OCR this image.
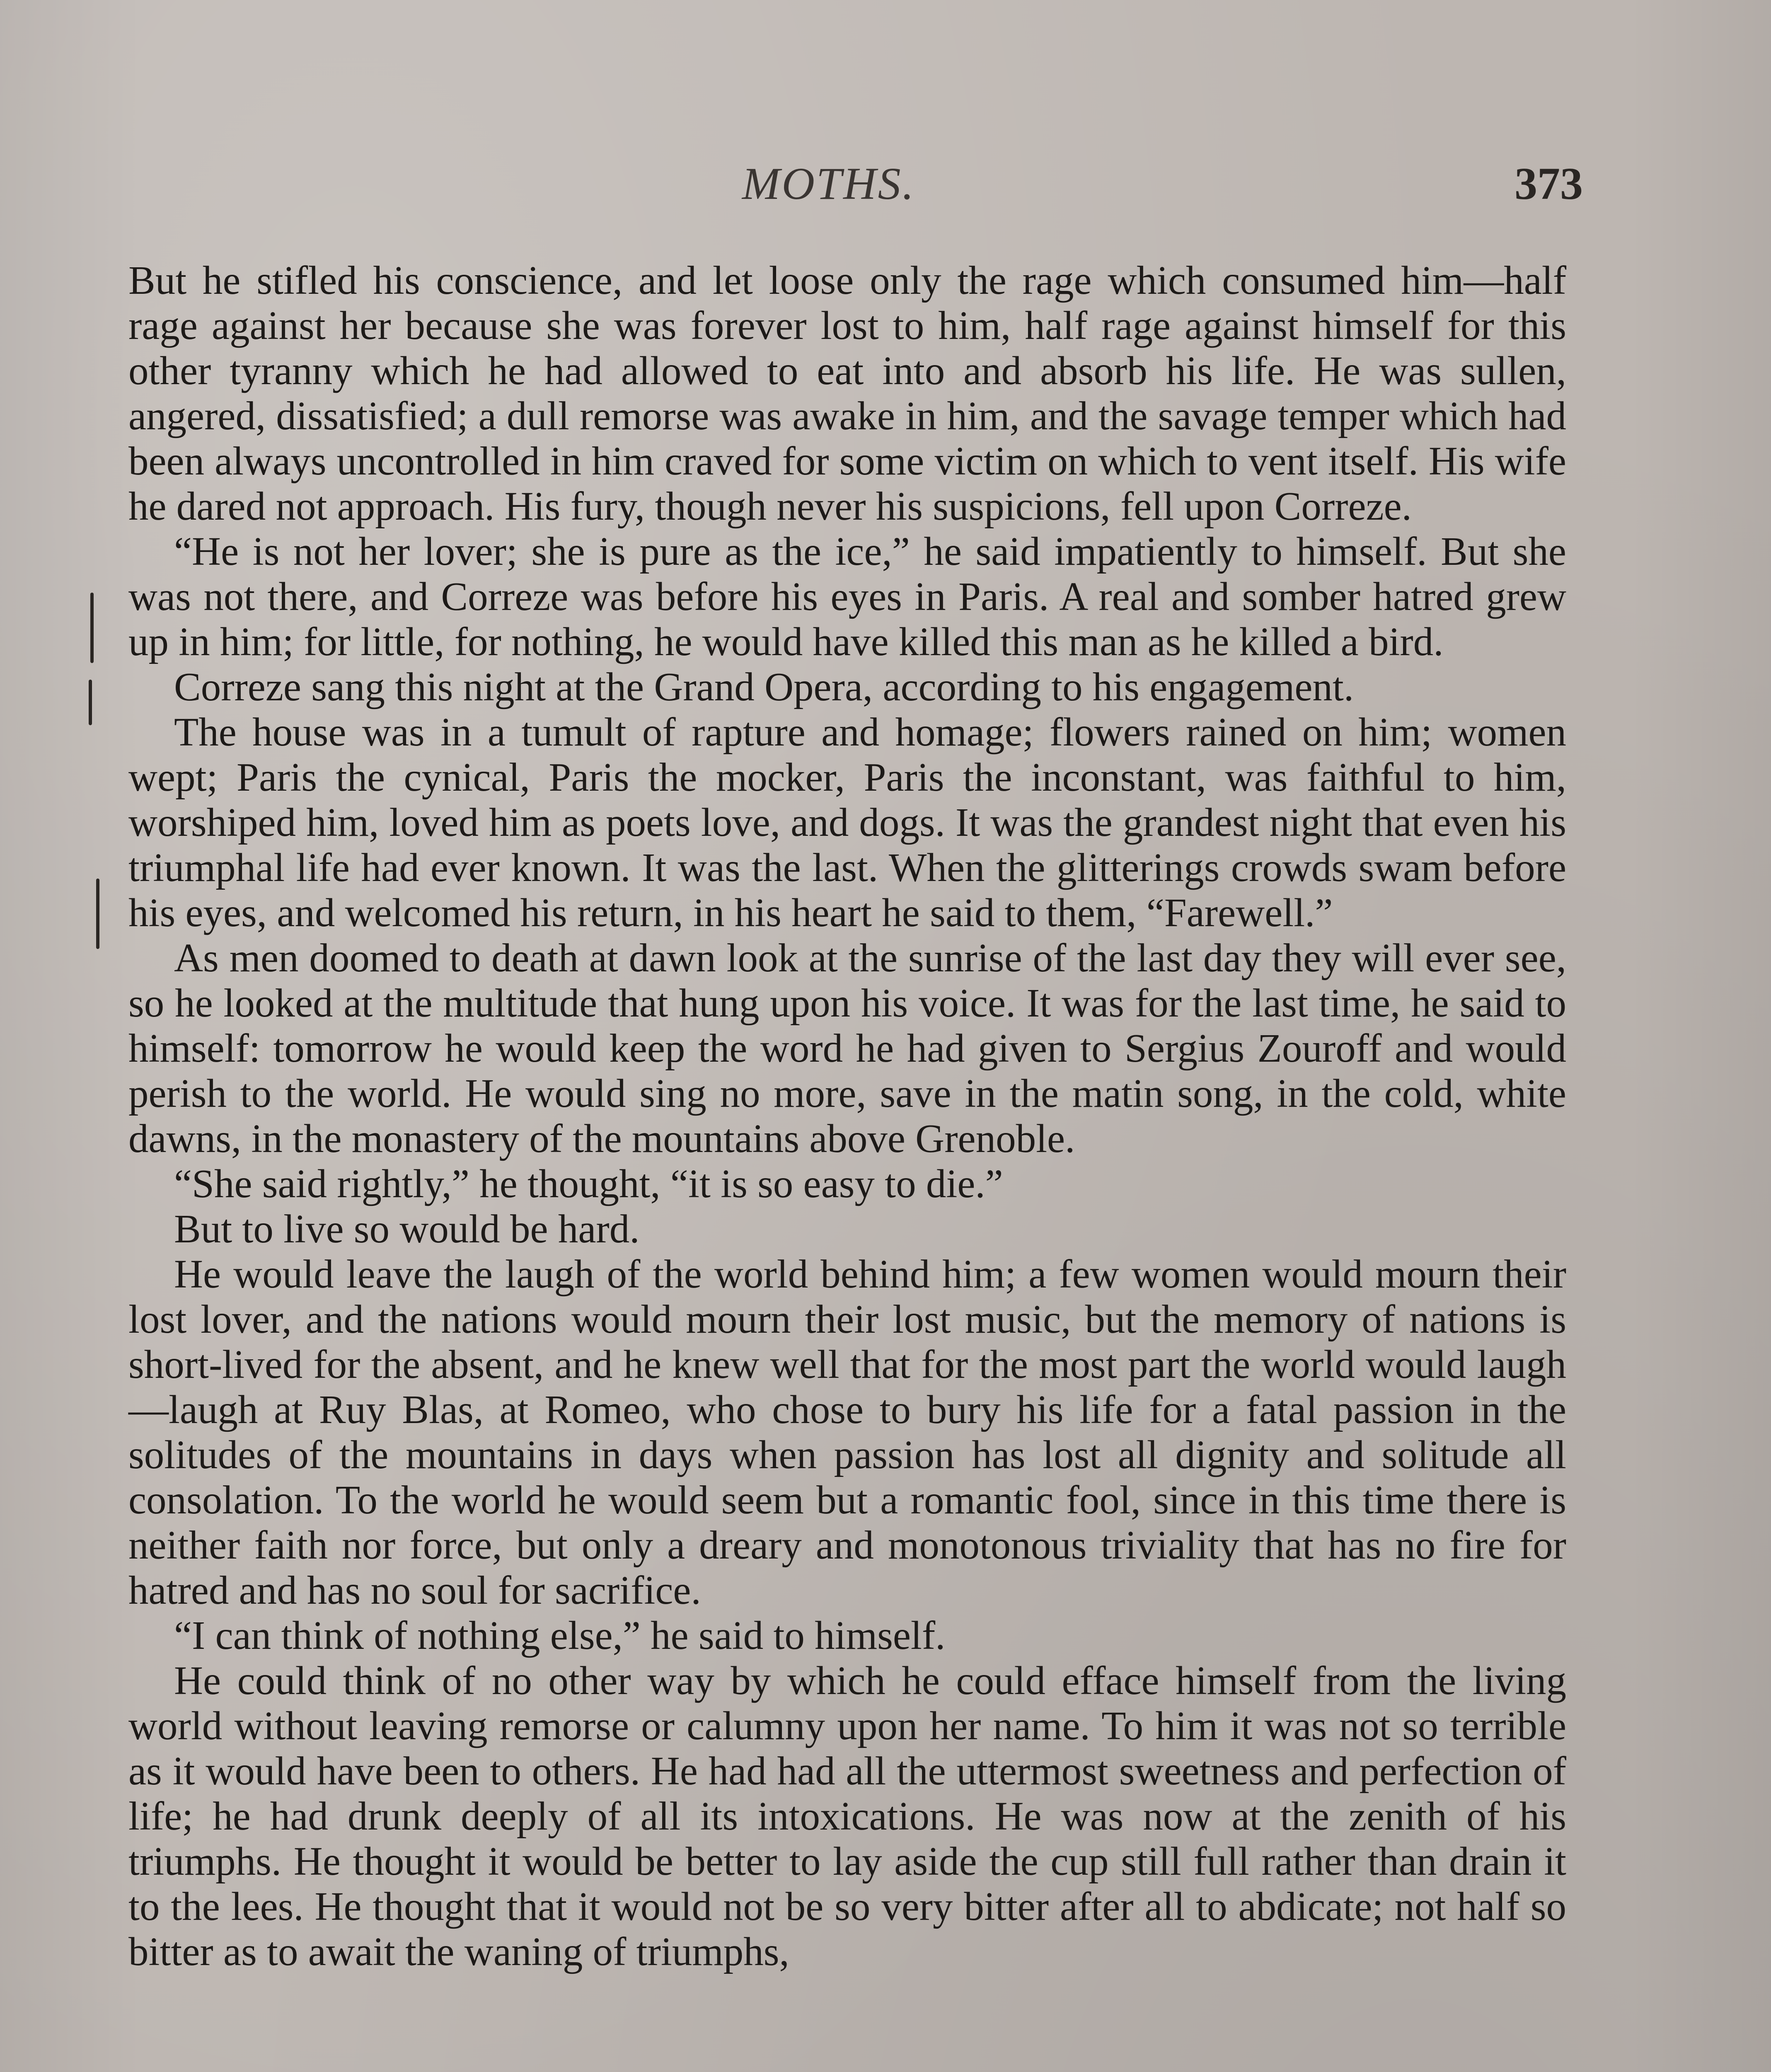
MOTHS.	373

But he stifled his conscience, and let loose only the rage which consumed him—half rage against her because she was forever lost to him, half rage against himself for this other tyranny which he had allowed to eat into and absorb his life. He was sullen, angered, dissatisfied; a dull remorse was awake in him, and the savage temper which had been always uncontrolled in him craved for some victim on which to vent itself. His wife he dared not approach. His fury, though never his suspicions, fell upon Correze.

“He is not her lover; she is pure as the ice,” he said impatiently to himself. But she was not there, and Correze was before his eyes in Paris. A real and somber hatred grew up in him; for little, for nothing, he would have killed this man as he killed a bird.

Correze sang this night at the Grand Opera, according to his engagement.

The house was in a tumult of rapture and homage; flowers rained on him; women wept; Paris the cynical, Paris the mocker, Paris the inconstant, was faithful to him, worshiped him, loved him as poets love, and dogs. It was the grandest night that even his triumphal life had ever known. It was the last. When the glitterings crowds swam before his eyes, and welcomed his return, in his heart he said to them, “Farewell.”

As men doomed to death at dawn look at the sunrise of the last day they will ever see, so he looked at the multitude that hung upon his voice. It was for the last time, he said to himself: tomorrow he would keep the word he had given to Sergius Zouroff and would perish to the world. He would sing no more, save in the matin song, in the cold, white dawns, in the monastery of the mountains above Grenoble.

“She said rightly,” he thought, “it is so easy to die.”

But to live so would be hard.

He would leave the laugh of the world behind him; a few women would mourn their lost lover, and the nations would mourn their lost music, but the memory of nations is short-lived for the absent, and he knew well that for the most part the world would laugh—laugh at Ruy Blas, at Romeo, who chose to bury his life for a fatal passion in the solitudes of the mountains in days when passion has lost all dignity and solitude all consolation. To the world he would seem but a romantic fool, since in this time there is neither faith nor force, but only a dreary and monotonous triviality that has no fire for hatred and has no soul for sacrifice.

“I can think of nothing else,” he said to himself.

He could think of no other way by which he could efface himself from the living world without leaving remorse or calumny upon her name. To him it was not so terrible as it would have been to others. He had had all the uttermost sweetness and perfection of life; he had drunk deeply of all its intoxications. He was now at the zenith of his triumphs. He thought it would be better to lay aside the cup still full rather than drain it to the lees. He thought that it would not be so very bitter after all to abdicate; not half so bitter as to await the waning of triumphs,
